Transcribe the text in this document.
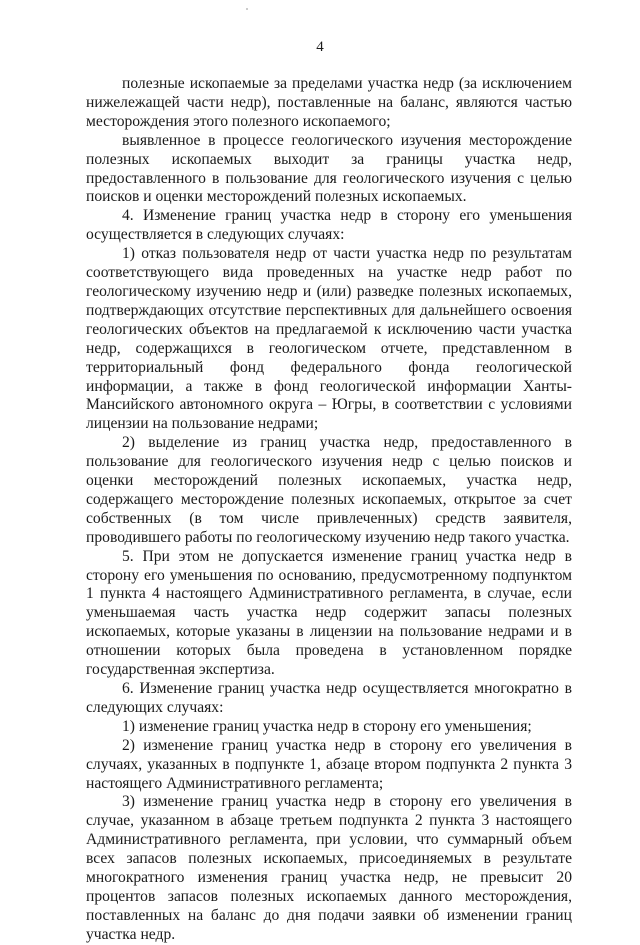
4

полезные ископаемые за пределами участка недр (за исключением нижележащей части недр), поставленные на баланс, являются частью месторождения этого полезного ископаемого;

выявленное в процессе геологического изучения месторождение полезных ископаемых выходит за границы участка недр, предоставленного в пользование для геологического изучения с целью поисков и оценки месторождений полезных ископаемых.

4. Изменение границ участка недр в сторону его уменьшения осуществляется в следующих случаях:

1) отказ пользователя недр от части участка недр по результатам соответствующего вида проведенных на участке недр работ по геологическому изучению недр и (или) разведке полезных ископаемых, подтверждающих отсутствие перспективных для дальнейшего освоения геологических объектов на предлагаемой к исключению части участка недр, содержащихся в геологическом отчете, представленном в территориальный фонд федерального фонда геологической информации, а также в фонд геологической информации Ханты-Мансийского автономного округа – Югры, в соответствии с условиями лицензии на пользование недрами;

2) выделение из границ участка недр, предоставленного в пользование для геологического изучения недр с целью поисков и оценки месторождений полезных ископаемых, участка недр, содержащего месторождение полезных ископаемых, открытое за счет собственных (в том числе привлеченных) средств заявителя, проводившего работы по геологическому изучению недр такого участка.

5. При этом не допускается изменение границ участка недр в сторону его уменьшения по основанию, предусмотренному подпунктом 1 пункта 4 настоящего Административного регламента, в случае, если уменьшаемая часть участка недр содержит запасы полезных ископаемых, которые указаны в лицензии на пользование недрами и в отношении которых была проведена в установленном порядке государственная экспертиза.

6. Изменение границ участка недр осуществляется многократно в следующих случаях:

1) изменение границ участка недр в сторону его уменьшения;

2) изменение границ участка недр в сторону его увеличения в случаях, указанных в подпункте 1, абзаце втором подпункта 2 пункта 3 настоящего Административного регламента;

3) изменение границ участка недр в сторону его увеличения в случае, указанном в абзаце третьем подпункта 2 пункта 3 настоящего Административного регламента, при условии, что суммарный объем всех запасов полезных ископаемых, присоединяемых в результате многократного изменения границ участка недр, не превысит 20 процентов запасов полезных ископаемых данного месторождения, поставленных на баланс до дня подачи заявки об изменении границ участка недр.
